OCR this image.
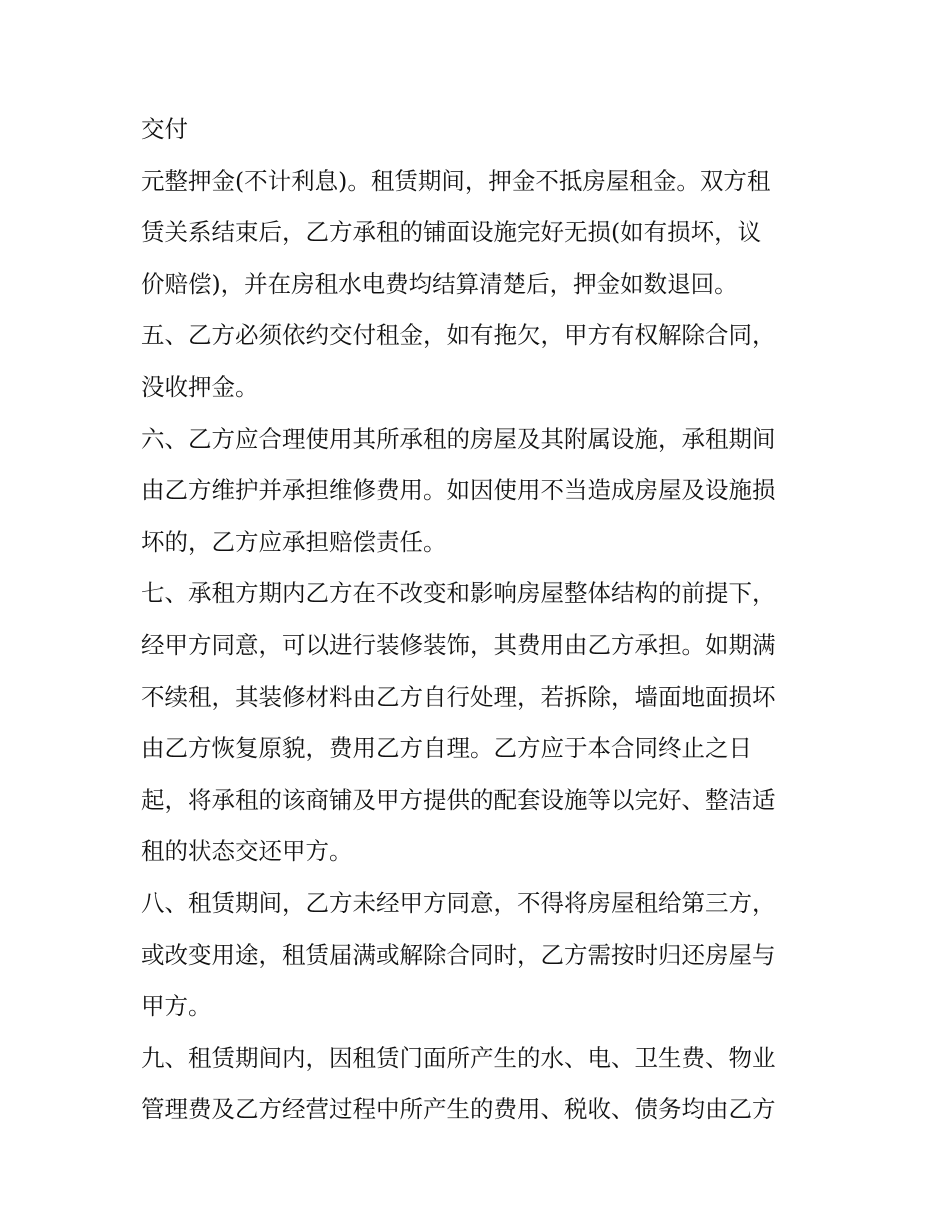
交付
元整押金(不计利息)。租赁期间，押金不抵房屋租金。双方租
赁关系结束后，乙方承租的铺面设施完好无损(如有损坏，议
价赔偿)，并在房租水电费均结算清楚后，押金如数退回。
五、乙方必须依约交付租金，如有拖欠，甲方有权解除合同，
没收押金。
六、乙方应合理使用其所承租的房屋及其附属设施，承租期间
由乙方维护并承担维修费用。如因使用不当造成房屋及设施损
坏的，乙方应承担赔偿责任。
七、承租方期内乙方在不改变和影响房屋整体结构的前提下，
经甲方同意，可以进行装修装饰，其费用由乙方承担。如期满
不续租，其装修材料由乙方自行处理，若拆除，墙面地面损坏
由乙方恢复原貌，费用乙方自理。乙方应于本合同终止之日
起，将承租的该商铺及甲方提供的配套设施等以完好、整洁适
租的状态交还甲方。
八、租赁期间，乙方未经甲方同意，不得将房屋租给第三方，
或改变用途，租赁届满或解除合同时，乙方需按时归还房屋与
甲方。
九、租赁期间内，因租赁门面所产生的水、电、卫生费、物业
管理费及乙方经营过程中所产生的费用、税收、债务均由乙方
